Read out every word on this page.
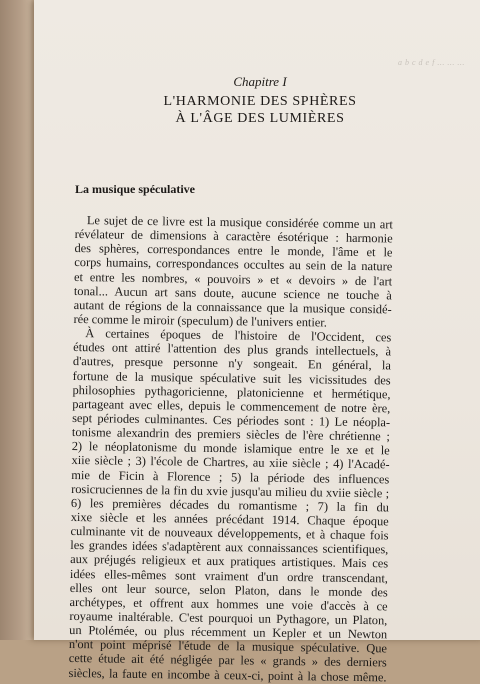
a b c d e f ... ... ...
Chapitre I
L'HARMONIE DES SPHÈRES
À L'ÂGE DES LUMIÈRES
La musique spéculative
Le sujet de ce livre est la musique considérée comme un art
révélateur de dimensions à caractère ésotérique : harmonie
des sphères, correspondances entre le monde, l'âme et le
corps humains, correspondances occultes au sein de la nature
et entre les nombres, « pouvoirs » et « devoirs » de l'art
tonal... Aucun art sans doute, aucune science ne touche à
autant de régions de la connaissance que la musique considé-
rée comme le miroir (speculum) de l'univers entier.
À certaines époques de l'histoire de l'Occident, ces
études ont attiré l'attention des plus grands intellectuels, à
d'autres, presque personne n'y songeait. En général, la
fortune de la musique spéculative suit les vicissitudes des
philosophies pythagoricienne, platonicienne et hermétique,
partageant avec elles, depuis le commencement de notre ère,
sept périodes culminantes. Ces périodes sont : 1) Le néopla-
tonisme alexandrin des premiers siècles de l'ère chrétienne ;
2) le néoplatonisme du monde islamique entre le xe et le
xiie siècle ; 3) l'école de Chartres, au xiie siècle ; 4) l'Acadé-
mie de Ficin à Florence ; 5) la période des influences
rosicruciennes de la fin du xvie jusqu'au milieu du xviie siècle ;
6) les premières décades du romantisme ; 7) la fin du
xixe siècle et les années précédant 1914. Chaque époque
culminante vit de nouveaux développements, et à chaque fois
les grandes idées s'adaptèrent aux connaissances scientifiques,
aux préjugés religieux et aux pratiques artistiques. Mais ces
idées elles-mêmes sont vraiment d'un ordre transcendant,
elles ont leur source, selon Platon, dans le monde des
archétypes, et offrent aux hommes une voie d'accès à ce
royaume inaltérable. C'est pourquoi un Pythagore, un Platon,
un Ptolémée, ou plus récemment un Kepler et un Newton
n'ont point méprisé l'étude de la musique spéculative. Que
cette étude ait été négligée par les « grands » des derniers
siècles, la faute en incombe à ceux-ci, point à la chose même.
